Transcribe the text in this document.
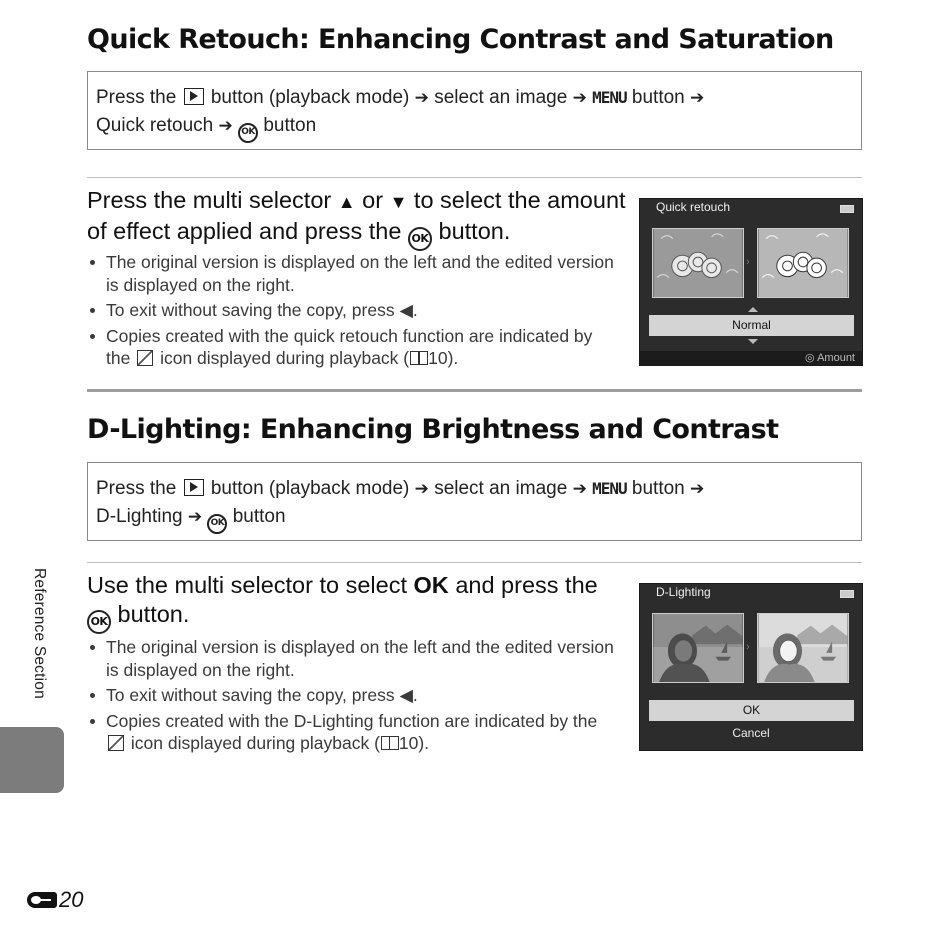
Quick Retouch: Enhancing Contrast and Saturation
Press the button (playback mode) ➔ select an image ➔ MENU button ➔
Quick retouch ➔ OK button
Press the multi selector ▲ or ▼ to select the amount of effect applied and press the OK button.
The original version is displayed on the left and the edited version is displayed on the right.
To exit without saving the copy, press ◀.
Copies created with the quick retouch function are indicated by the icon displayed during playback ( 10).
Quick retouch
›
Normal
◎ Amount
D-Lighting: Enhancing Brightness and Contrast
Press the button (playback mode) ➔ select an image ➔ MENU button ➔
D-Lighting ➔ OK button
Use the multi selector to select OK and press the OK button.
The original version is displayed on the left and the edited version is displayed on the right.
To exit without saving the copy, press ◀.
Copies created with the D-Lighting function are indicated by the  icon displayed during playback ( 10).
D-Lighting
›
OK
Cancel
Reference Section
20
